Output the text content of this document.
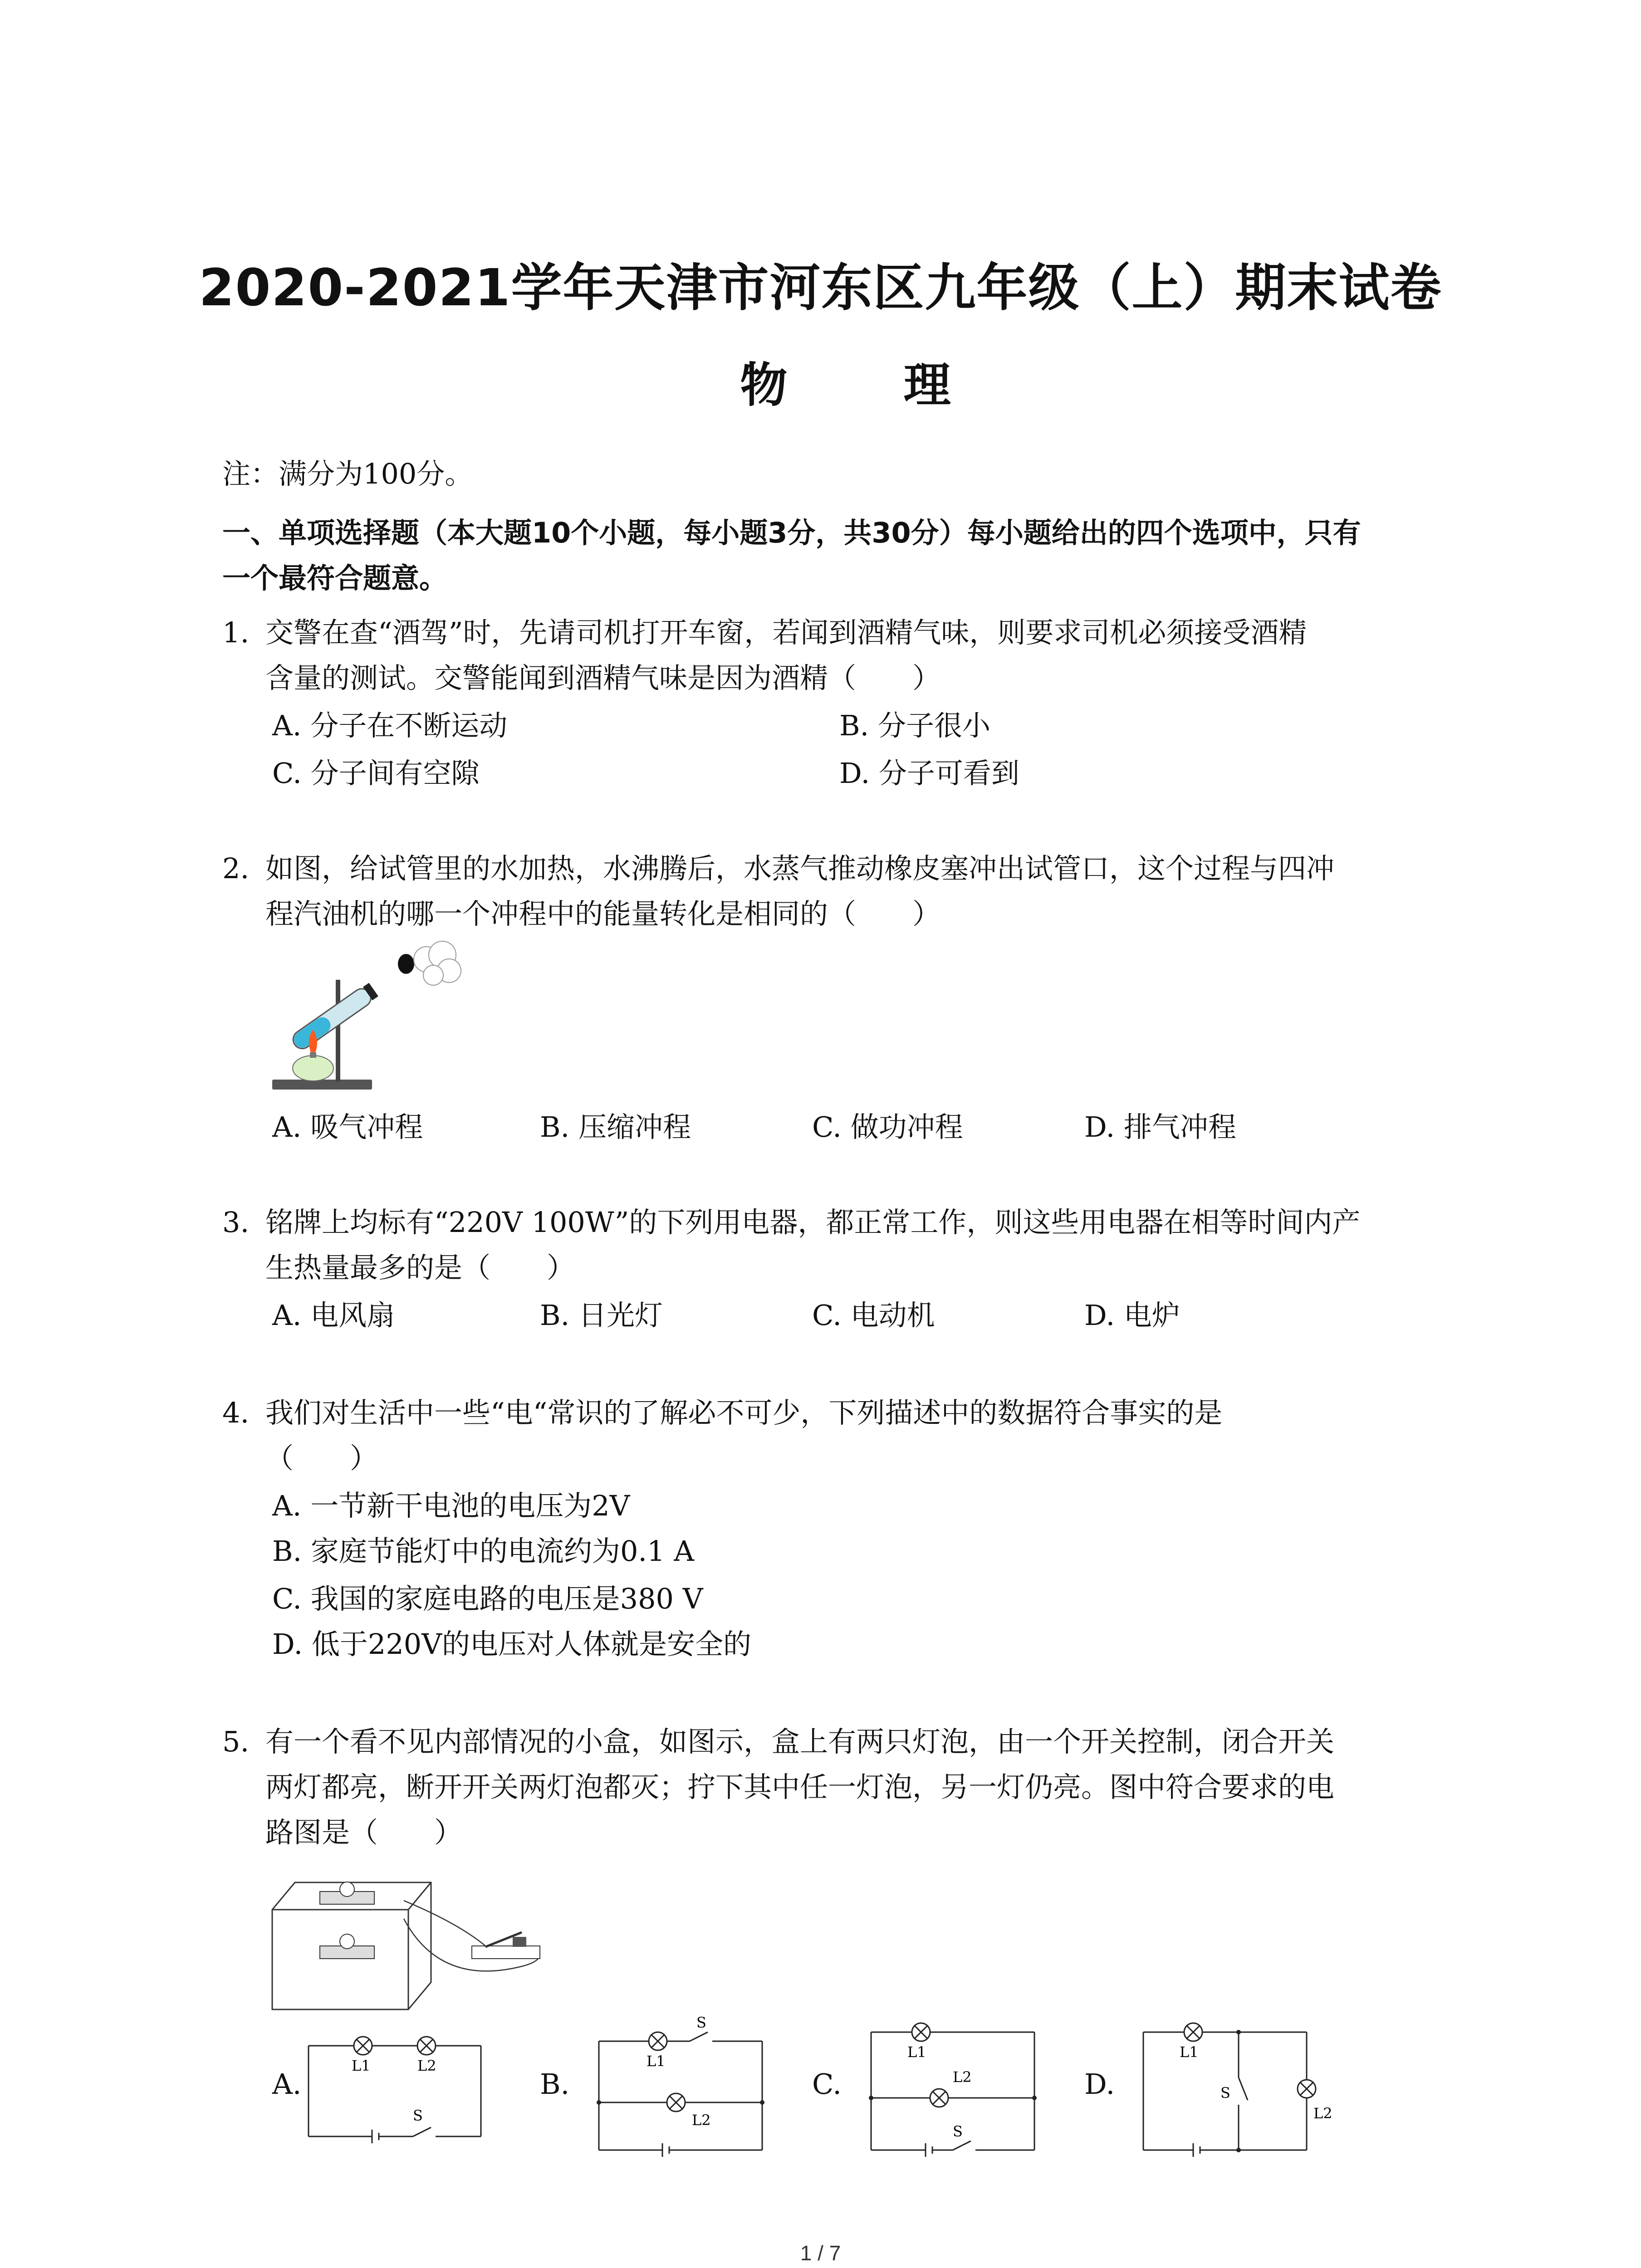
2020-2021学年天津市河东区九年级（上）期末试卷
物 理
注：满分为100分。
一、单项选择题（本大题10个小题，每小题3分，共30分）每小题给出的四个选项中，只有
一个最符合题意。
1. 交警在查“酒驾”时，先请司机打开车窗，若闻到酒精气味，则要求司机必须接受酒精
含量的测试。交警能闻到酒精气味是因为酒精（　　）
A. 分子在不断运动	B. 分子很小
C. 分子间有空隙	D. 分子可看到
2. 如图，给试管里的水加热，水沸腾后，水蒸气推动橡皮塞冲出试管口，这个过程与四冲
程汽油机的哪一个冲程中的能量转化是相同的（　　）
A. 吸气冲程	B. 压缩冲程	C. 做功冲程	D. 排气冲程
3. 铭牌上均标有“220V 100W”的下列用电器，都正常工作，则这些用电器在相等时间内产
生热量最多的是（　　）
A. 电风扇	B. 日光灯	C. 电动机	D. 电炉
4. 我们对生活中一些“电“常识的了解必不可少，下列描述中的数据符合事实的是
（　　）
A. 一节新干电池的电压为2V
B. 家庭节能灯中的电流约为0.1 A
C. 我国的家庭电路的电压是380 V
D. 低于220V的电压对人体就是安全的
5. 有一个看不见内部情况的小盒，如图示，盒上有两只灯泡，由一个开关控制，闭合开关
两灯都亮，断开开关两灯泡都灭；拧下其中任一灯泡，另一灯仍亮。图中符合要求的电
路图是（　　）
A.	B.	C.	D.
L1	L2
S
L1
L2
S
L1
L2
S
L1
L2
S
1 / 7
